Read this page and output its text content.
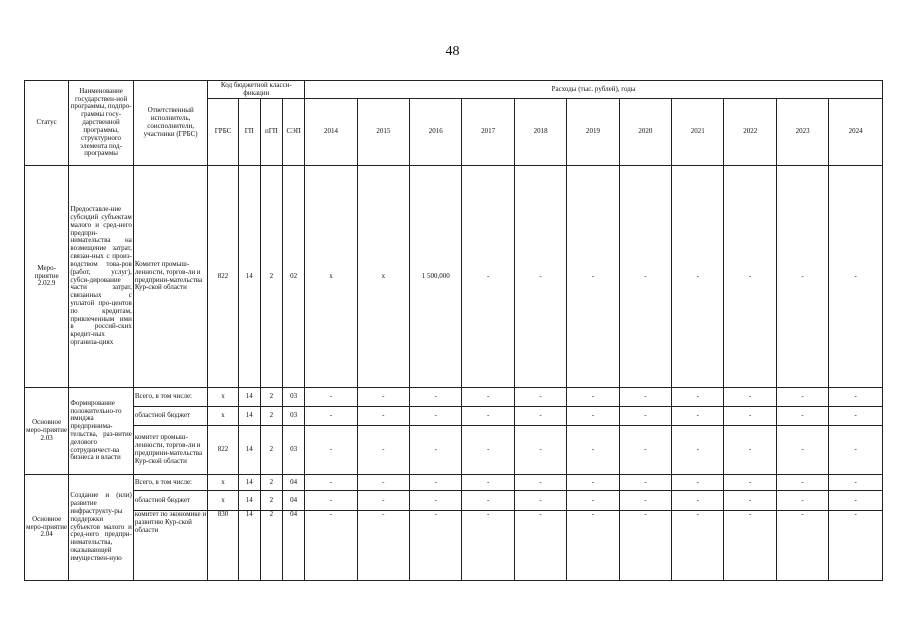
48
Статус	Наименование государствен-ной программы, подпро-граммы госу-дарственной программы, структурного элемента под-программы	Ответственный исполнитель, соисполнители, участники (ГРБС)	Код бюджетной класси-фикации				Расходы (тыс. рублей), годы										
			ГРБС	ГП	пГП	СЭП	2014	2015	2016	2017	2018	2019	2020	2021	2022	2023	2024
Меро-приятие 2.02.9	Предоставле-ние субсидий субъектам малого и сред-него предпри-нимательства на возмещение затрат, связан-ных с произ-водством това-ров (работ, услуг), субси-дирование части затрат, связанных с уплатой про-центов по кредитам, привлеченным ими в россий-ских кредит-ных организа-циях	Комитет промыш-ленности, торгов-ли и предприни-мательства Кур-ской области	822	14	2	02	х	х	1 500,000	-	-	-	-	-	-	-	-
Основное меро-приятие 2.03	Формирование положительно-го имиджа предпринима-тельства, раз-витие делового сотрудничест-ва бизнеса и власти	Всего, в том числе:	х	14	2	03	-	-	-	-	-	-	-	-	-	-	-
		областной бюджет	х	14	2	03	-	-	-	-	-	-	-	-	-	-	-
		комитет промыш-ленности, торгов-ли и предприни-мательства Кур-ской области	822	14	2	03	-	-	-	-	-	-	-	-	-	-	-
Основное меро-приятие 2.04	Создание и (или) развитие инфраструкту-ры поддержки субъектов малого и сред-него предпри-нимательства, оказывающей имуществен-ную	Всего, в том числе:	х	14	2	04	-	-	-	-	-	-	-	-	-	-	-
		областной бюджет	х	14	2	04	-	-	-	-	-	-	-	-	-	-	-
		комитет по экономике и развитию Кур-ской области	830	14	2	04	-	-	-	-	-	-	-	-	-	-	-
